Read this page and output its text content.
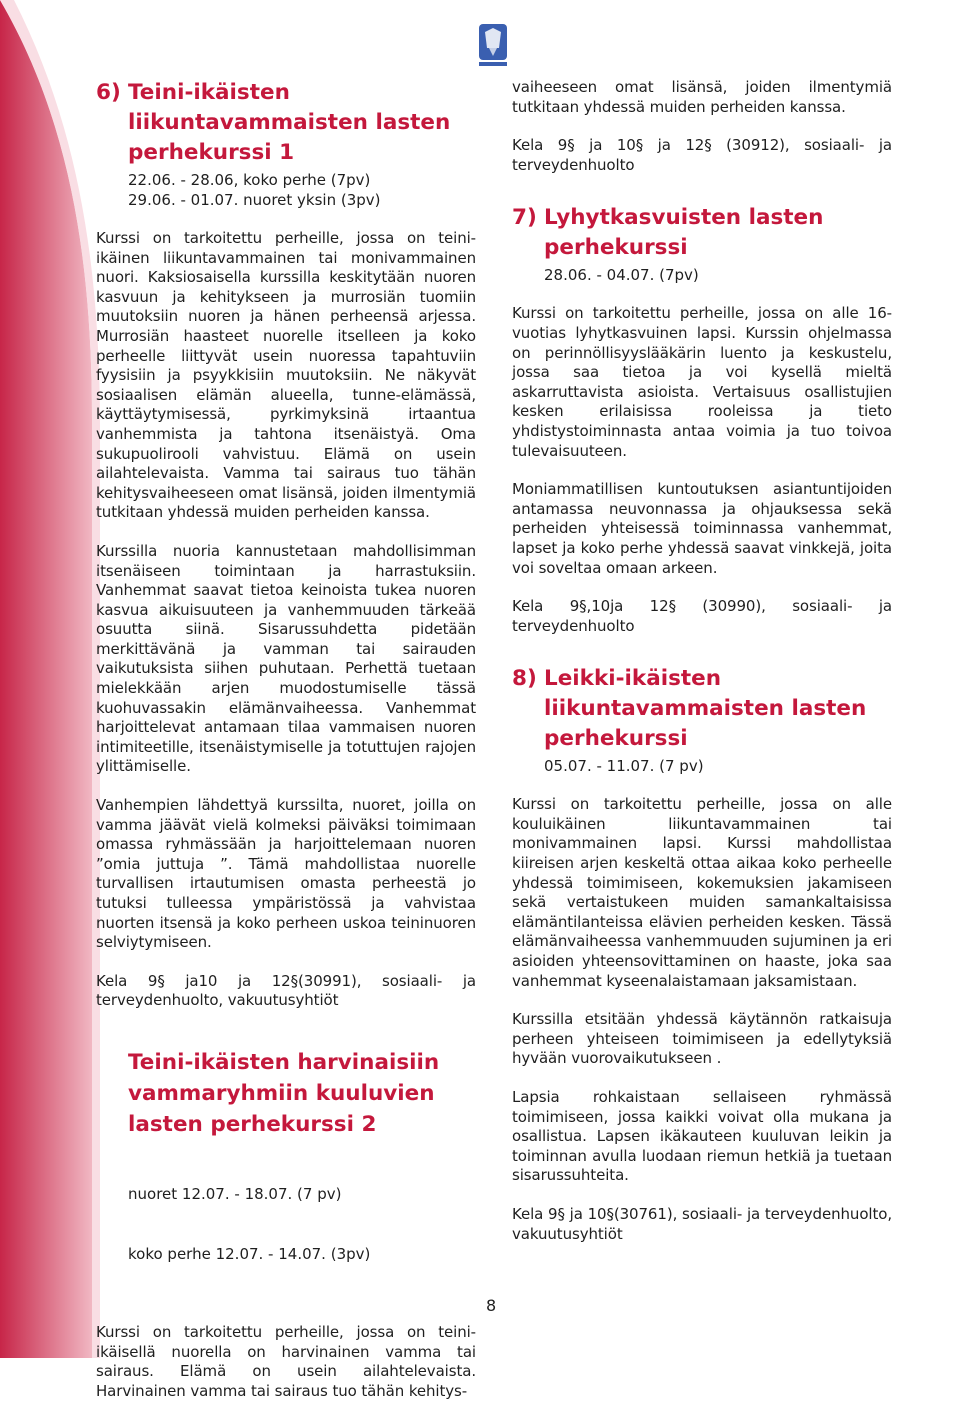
6) Teini-ikäisten liikuntavammaisten lasten perhekurssi 1
22.06. - 28.06, koko perhe (7pv)
29.06. - 01.07. nuoret yksin (3pv)

Kurssi on tarkoitettu perheille, jossa on teini-ikäinen liikuntavammainen tai monivammainen nuori. Kaksiosaisella kurssilla keskitytään nuoren kasvuun ja kehitykseen ja murrosiän tuomiin muutoksiin nuoren ja hänen perheensä arjessa. Murrosiän haasteet nuorelle itselleen ja koko perheelle liittyvät usein nuoressa tapahtuviin fyysisiin ja psyykkisiin muutoksiin. Ne näkyvät sosiaalisen elämän alueella, tunne-elämässä, käyttäytymisessä, pyrkimyksinä irtaantua vanhemmista ja tahtona itsenäistyä. Oma sukupuolirooli vahvistuu. Elämä on usein ailahtelevaista. Vamma tai sairaus tuo tähän kehitysvaiheeseen omat lisänsä, joiden ilmentymiä tutkitaan yhdessä muiden perheiden kanssa.

Kurssilla nuoria kannustetaan mahdollisimman itsenäiseen toimintaan ja harrastuksiin. Vanhemmat saavat tietoa keinoista tukea nuoren kasvua aikuisuuteen ja vanhemmuuden tärkeää osuutta siinä. Sisarussuhdetta pidetään merkittävänä ja vamman tai sairauden vaikutuksista siihen puhutaan. Perhettä tuetaan mielekkään arjen muodostumiselle tässä kuohuvassakin elämänvaiheessa. Vanhemmat harjoittelevat antamaan tilaa vammaisen nuoren intimiteetille, itsenäistymiselle ja totuttujen rajojen ylittämiselle.

Vanhempien lähdettyä kurssilta, nuoret, joilla on vamma jäävät vielä kolmeksi päiväksi toimimaan omassa ryhmässään ja harjoittelemaan nuoren ”omia juttuja ”. Tämä mahdollistaa nuorelle turvallisen irtautumisen omasta perheestä jo tutuksi tulleessa ympäristössä ja vahvistaa nuorten itsensä ja koko perheen uskoa teininuoren selviytymiseen.

Kela 9§ ja10 ja 12§(30991), sosiaali- ja terveydenhuolto, vakuutusyhtiöt

Teini-ikäisten harvinaisiin vammaryhmiin kuuluvien lasten perhekurssi 2

nuoret 12.07. - 18.07. (7 pv)

koko perhe 12.07. - 14.07. (3pv)

Kurssi on tarkoitettu perheille, jossa on teini-ikäisellä nuorella on harvinainen vamma tai sairaus. Elämä on usein ailahtelevaista. Harvinainen vamma tai sairaus tuo tähän kehitys-

vaiheeseen omat lisänsä, joiden ilmentymiä tutkitaan yhdessä muiden perheiden kanssa.

Kela 9§ ja 10§ ja 12§ (30912), sosiaali- ja terveydenhuolto

7) Lyhytkasvuisten lasten perhekurssi
28.06. - 04.07. (7pv)

Kurssi on tarkoitettu perheille, jossa on alle 16-vuotias lyhytkasvuinen lapsi. Kurssin ohjelmassa on perinnöllisyyslääkärin luento ja keskustelu, jossa saa tietoa ja voi kysellä mieltä askarruttavista asioista. Vertaisuus osallistujien kesken erilaisissa rooleissa ja tieto yhdistystoiminnasta antaa voimia ja tuo toivoa tulevaisuuteen.

Moniammatillisen kuntoutuksen asiantuntijoiden antamassa neuvonnassa ja ohjauksessa sekä perheiden yhteisessä toiminnassa vanhemmat, lapset ja koko perhe yhdessä saavat vinkkejä, joita voi soveltaa omaan arkeen.

Kela 9§,10ja 12§ (30990), sosiaali- ja terveydenhuolto

8) Leikki-ikäisten liikuntavammaisten lasten perhekurssi
05.07. - 11.07. (7 pv)

Kurssi on tarkoitettu perheille, jossa on alle kouluikäinen liikuntavammainen tai monivammainen lapsi. Kurssi mahdollistaa kiireisen arjen keskeltä ottaa aikaa koko perheelle yhdessä toimimiseen, kokemuksien jakamiseen sekä vertaistukeen muiden samankaltaisissa elämäntilanteissa elävien perheiden kesken. Tässä elämänvaiheessa vanhemmuuden sujuminen ja eri asioiden yhteensovittaminen on haaste, joka saa vanhemmat kyseenalaistamaan jaksamistaan.

Kurssilla etsitään yhdessä käytännön ratkaisuja perheen yhteiseen toimimiseen ja edellytyksiä hyvään vuorovaikutukseen .

Lapsia rohkaistaan sellaiseen ryhmässä toimimiseen, jossa kaikki voivat olla mukana ja osallistua. Lapsen ikäkauteen kuuluvan leikin ja toiminnan avulla luodaan riemun hetkiä ja tuetaan sisarussuhteita.

Kela 9§ ja 10§(30761), sosiaali- ja terveydenhuolto, vakuutusyhtiöt

8
